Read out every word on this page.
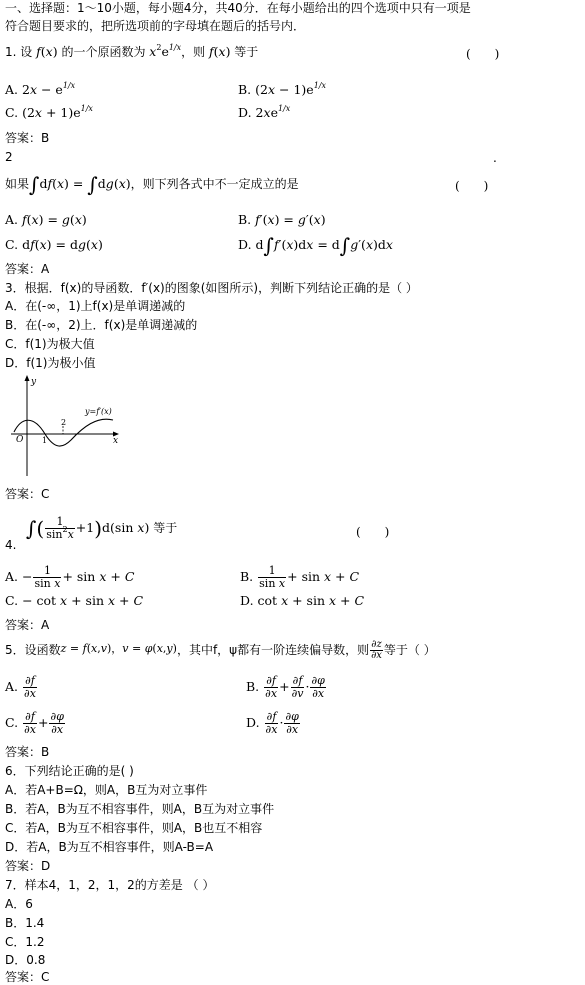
一、选择题：1～10小题，每小题4分，共40分．在每小题给出的四个选项中只有一项是
符合题目要求的，把所选项前的字母填在题后的括号内．
1. 设 f(x) 的一个原函数为 $x^2e^{1/x}$，则 f(x) 等于	(　　)
A. $2x - e^{1/x}$	B. $(2x - 1)e^{1/x}$
C. $(2x + 1)e^{1/x}$	D. $2xe^{1/x}$
答案：B
2	.
如果∫df(x) = ∫dg(x)，则下列各式中不一定成立的是	(　　)
A. f(x) = g(x)	B. f′(x) = g′(x)
C. df(x) = dg(x)	D. d∫f′(x)dx = d∫g′(x)dx
答案：A
3．根据．f(x)的导函数．f′(x)的图象(如图所示)，判断下列结论正确的是（ ）
A．在(-∞，1)上f(x)是单调递减的
B．在(-∞，2)上．f(x)是单调递减的
C．f(1)为极大值
D．f(1)为极小值
y
x
O 1
2
y=f′(x)
答案：C
∫( $\frac{1}{\sin^2x} +1)d(\sin$ x) 等于	(　　)
4.
A. − $\frac{1}{\text{sin x}} + \sin x + C$	B. $\frac{1}{\text{sin x}} + \sin x + C$
C. − cot x + sin x + C	D. cot x + sin x + C
答案：A
5．设函数z = f(x,v)，v = φ(x,y)，其中f，ψ都有一阶连续偏导数，则 $\frac{\partial z}{\partial x}$ 等于（ ）
A. $\frac{\partial f}{\partial x}$	B. $\frac{\partial f}{\partial x} + \frac{\partial f}{\partial v} \cdot \frac{\partial\varphi}{\partial x}$
C. $\frac{\partial f}{\partial x} + \frac{\partial\varphi}{\partial x}$	D. $\frac{\partial f}{\partial x} \cdot \frac{\partial\varphi}{\partial x}$
答案：B
6．下列结论正确的是( )
A．若A+B=Ω，则A，B互为对立事件
B．若A，B为互不相容事件，则A，B互为对立事件
C．若A，B为互不相容事件，则A，B也互不相容
D．若A，B为互不相容事件，则A-B=A
答案：D
7．样本4，1，2，1，2的方差是 （ ）
A．6
B．1.4
C．1.2
D．0.8
答案：C
